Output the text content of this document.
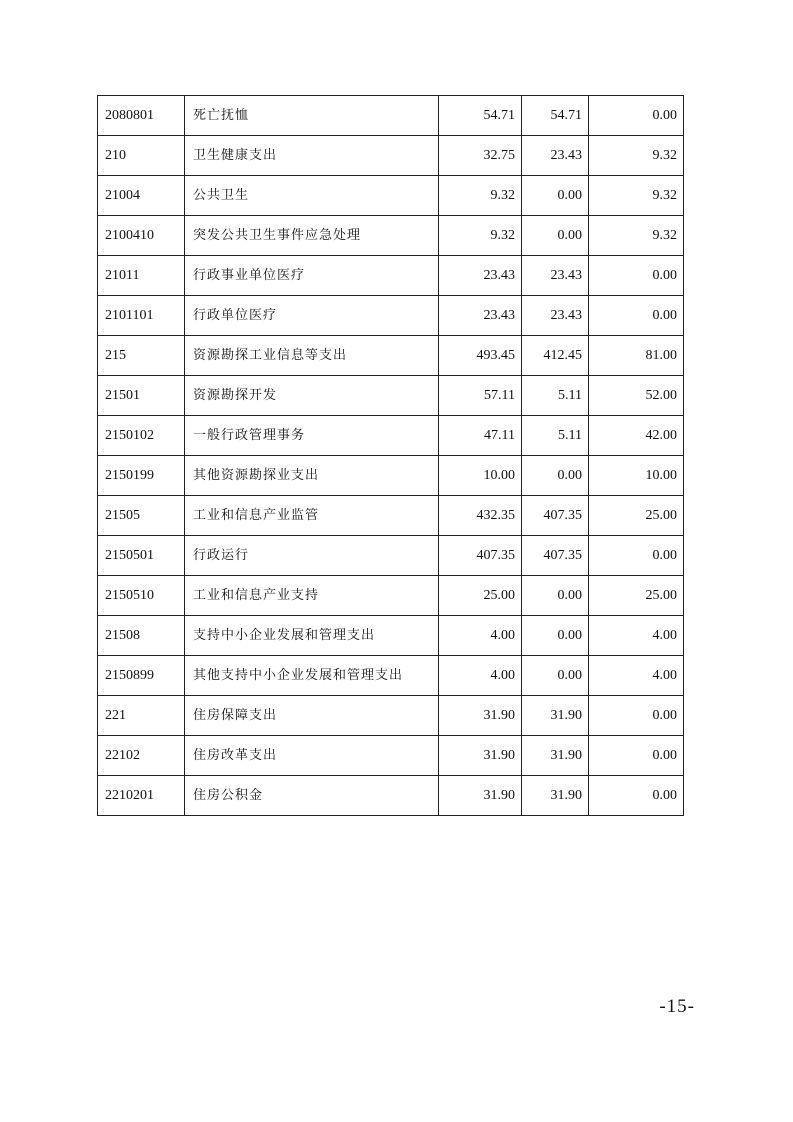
2080801	死亡抚恤	54.71	54.71	0.00
210	卫生健康支出	32.75	23.43	9.32
21004	公共卫生	9.32	0.00	9.32
2100410	突发公共卫生事件应急处理	9.32	0.00	9.32
21011	行政事业单位医疗	23.43	23.43	0.00
2101101	行政单位医疗	23.43	23.43	0.00
215	资源勘探工业信息等支出	493.45	412.45	81.00
21501	资源勘探开发	57.11	5.11	52.00
2150102	一般行政管理事务	47.11	5.11	42.00
2150199	其他资源勘探业支出	10.00	0.00	10.00
21505	工业和信息产业监管	432.35	407.35	25.00
2150501	行政运行	407.35	407.35	0.00
2150510	工业和信息产业支持	25.00	0.00	25.00
21508	支持中小企业发展和管理支出	4.00	0.00	4.00
2150899	其他支持中小企业发展和管理支出	4.00	0.00	4.00
221	住房保障支出	31.90	31.90	0.00
22102	住房改革支出	31.90	31.90	0.00
2210201	住房公积金	31.90	31.90	0.00
-15-
